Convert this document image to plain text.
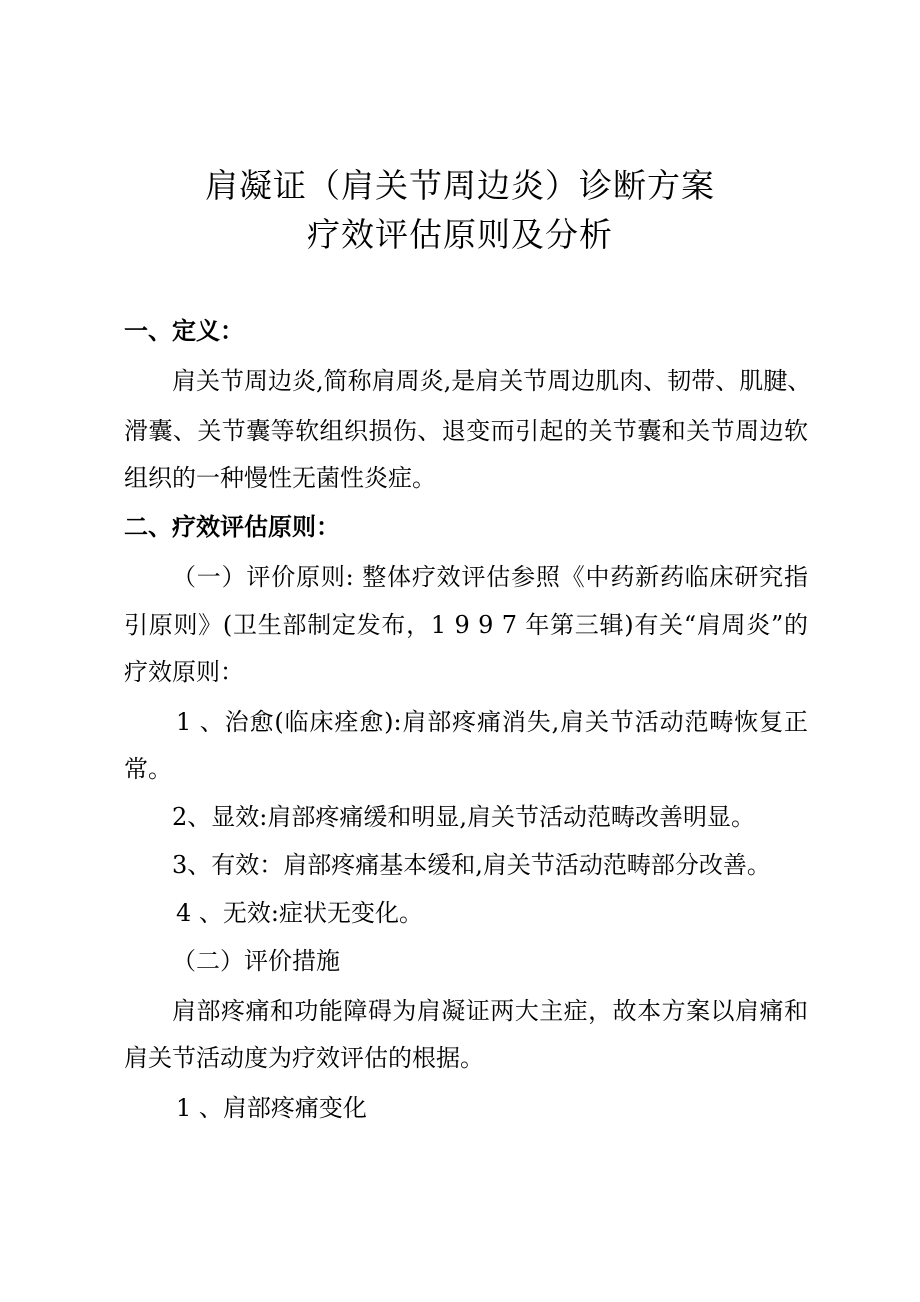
肩凝证（肩关节周边炎）诊断方案
疗效评估原则及分析
一、定义：
肩关节周边炎,简称肩周炎,是肩关节周边肌肉、韧带、肌腱、
滑囊、关节囊等软组织损伤、退变而引起的关节囊和关节周边软
组织的一种慢性无菌性炎症。
二、疗效评估原则：
（一）评价原则: 整体疗效评估参照《中药新药临床研究指
引原则》(卫生部制定发布，1 9 9 7 年第三辑)有关“肩周炎”的
疗效原则：
1 、治愈(临床痊愈):肩部疼痛消失,肩关节活动范畴恢复正
常。
2、显效:肩部疼痛缓和明显,肩关节活动范畴改善明显。
3、有效：肩部疼痛基本缓和,肩关节活动范畴部分改善。
4 、无效:症状无变化。
（二）评价措施
肩部疼痛和功能障碍为肩凝证两大主症，故本方案以肩痛和
肩关节活动度为疗效评估的根据。
1 、肩部疼痛变化
